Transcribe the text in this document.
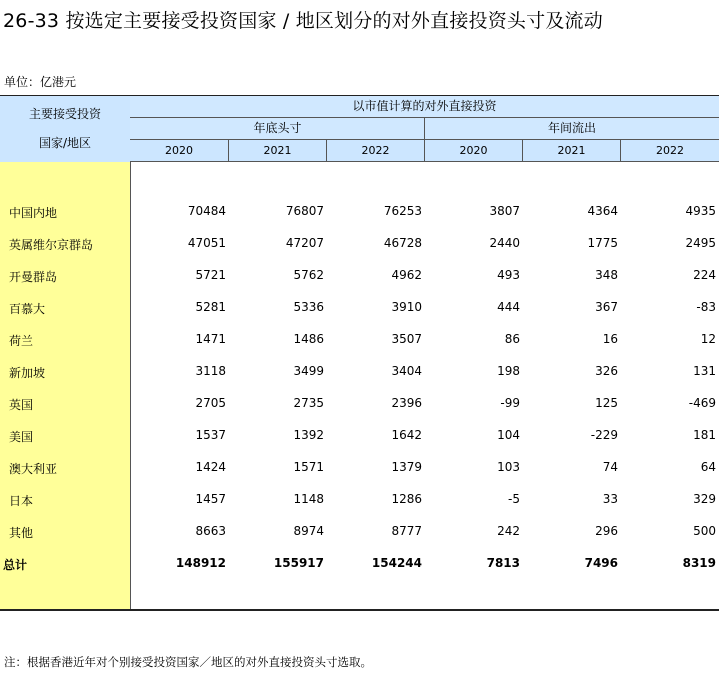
26-33 按选定主要接受投资国家 / 地区划分的对外直接投资头寸及流动
单位：亿港元
主要接受投资
国家/地区
以市值计算的对外直接投资
年底头寸	年间流出
2020	2021	2022	2020	2021	2022
中国内地	70484	76807	76253	3807	4364	4935
英属维尔京群岛	47051	47207	46728	2440	1775	2495
开曼群岛	5721	5762	4962	493	348	224
百慕大	5281	5336	3910	444	367	-83
荷兰	1471	1486	3507	86	16	12
新加坡	3118	3499	3404	198	326	131
英国	2705	2735	2396	-99	125	-469
美国	1537	1392	1642	104	-229	181
澳大利亚	1424	1571	1379	103	74	64
日本	1457	1148	1286	-5	33	329
其他	8663	8974	8777	242	296	500
总计	148912	155917	154244	7813	7496	8319
注：根据香港近年对个别接受投资国家／地区的对外直接投资头寸选取。
